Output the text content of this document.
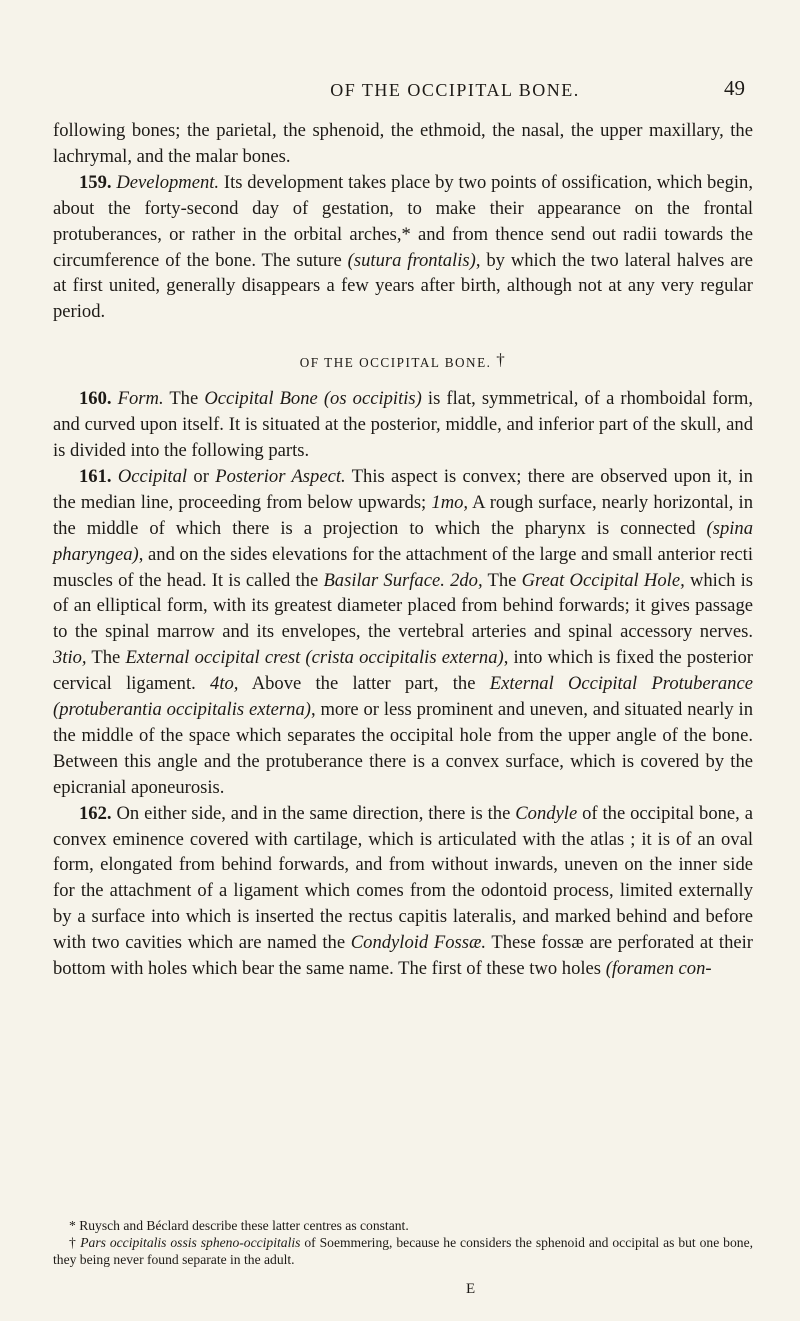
OF THE OCCIPITAL BONE.	49

following bones; the parietal, the sphenoid, the ethmoid, the nasal, the upper maxillary, the lachrymal, and the malar bones.

159. Development. Its development takes place by two points of ossification, which begin, about the forty-second day of gestation, to make their appearance on the frontal protuberances, or rather in the orbital arches,* and from thence send out radii towards the circumference of the bone. The suture (sutura frontalis), by which the two lateral halves are at first united, generally disappears a few years after birth, although not at any very regular period.

OF THE OCCIPITAL BONE. †

160. Form. The Occipital Bone (os occipitis) is flat, symmetrical, of a rhomboidal form, and curved upon itself. It is situated at the posterior, middle, and inferior part of the skull, and is divided into the following parts.

161. Occipital or Posterior Aspect. This aspect is convex; there are observed upon it, in the median line, proceeding from below upwards; 1mo, A rough surface, nearly horizontal, in the middle of which there is a projection to which the pharynx is connected (spina pharyngea), and on the sides elevations for the attachment of the large and small anterior recti muscles of the head. It is called the Basilar Surface. 2do, The Great Occipital Hole, which is of an elliptical form, with its greatest diameter placed from behind forwards; it gives passage to the spinal marrow and its envelopes, the vertebral arteries and spinal accessory nerves. 3tio, The External occipital crest (crista occipitalis externa), into which is fixed the posterior cervical ligament. 4to, Above the latter part, the External Occipital Protuberance (protuberantia occipitalis externa), more or less prominent and uneven, and situated nearly in the middle of the space which separates the occipital hole from the upper angle of the bone. Between this angle and the protuberance there is a convex surface, which is covered by the epicranial aponeurosis.

162. On either side, and in the same direction, there is the Condyle of the occipital bone, a convex eminence covered with cartilage, which is articulated with the atlas ; it is of an oval form, elongated from behind forwards, and from without inwards, uneven on the inner side for the attachment of a ligament which comes from the odontoid process, limited externally by a surface into which is inserted the rectus capitis lateralis, and marked behind and before with two cavities which are named the Condyloid Fossæ. These fossæ are perforated at their bottom with holes which bear the same name. The first of these two holes (foramen con-

* Ruysch and Béclard describe these latter centres as constant.

† Pars occipitalis ossis spheno-occipitalis of Soemmering, because he considers the sphenoid and occipital as but one bone, they being never found separate in the adult.

E
